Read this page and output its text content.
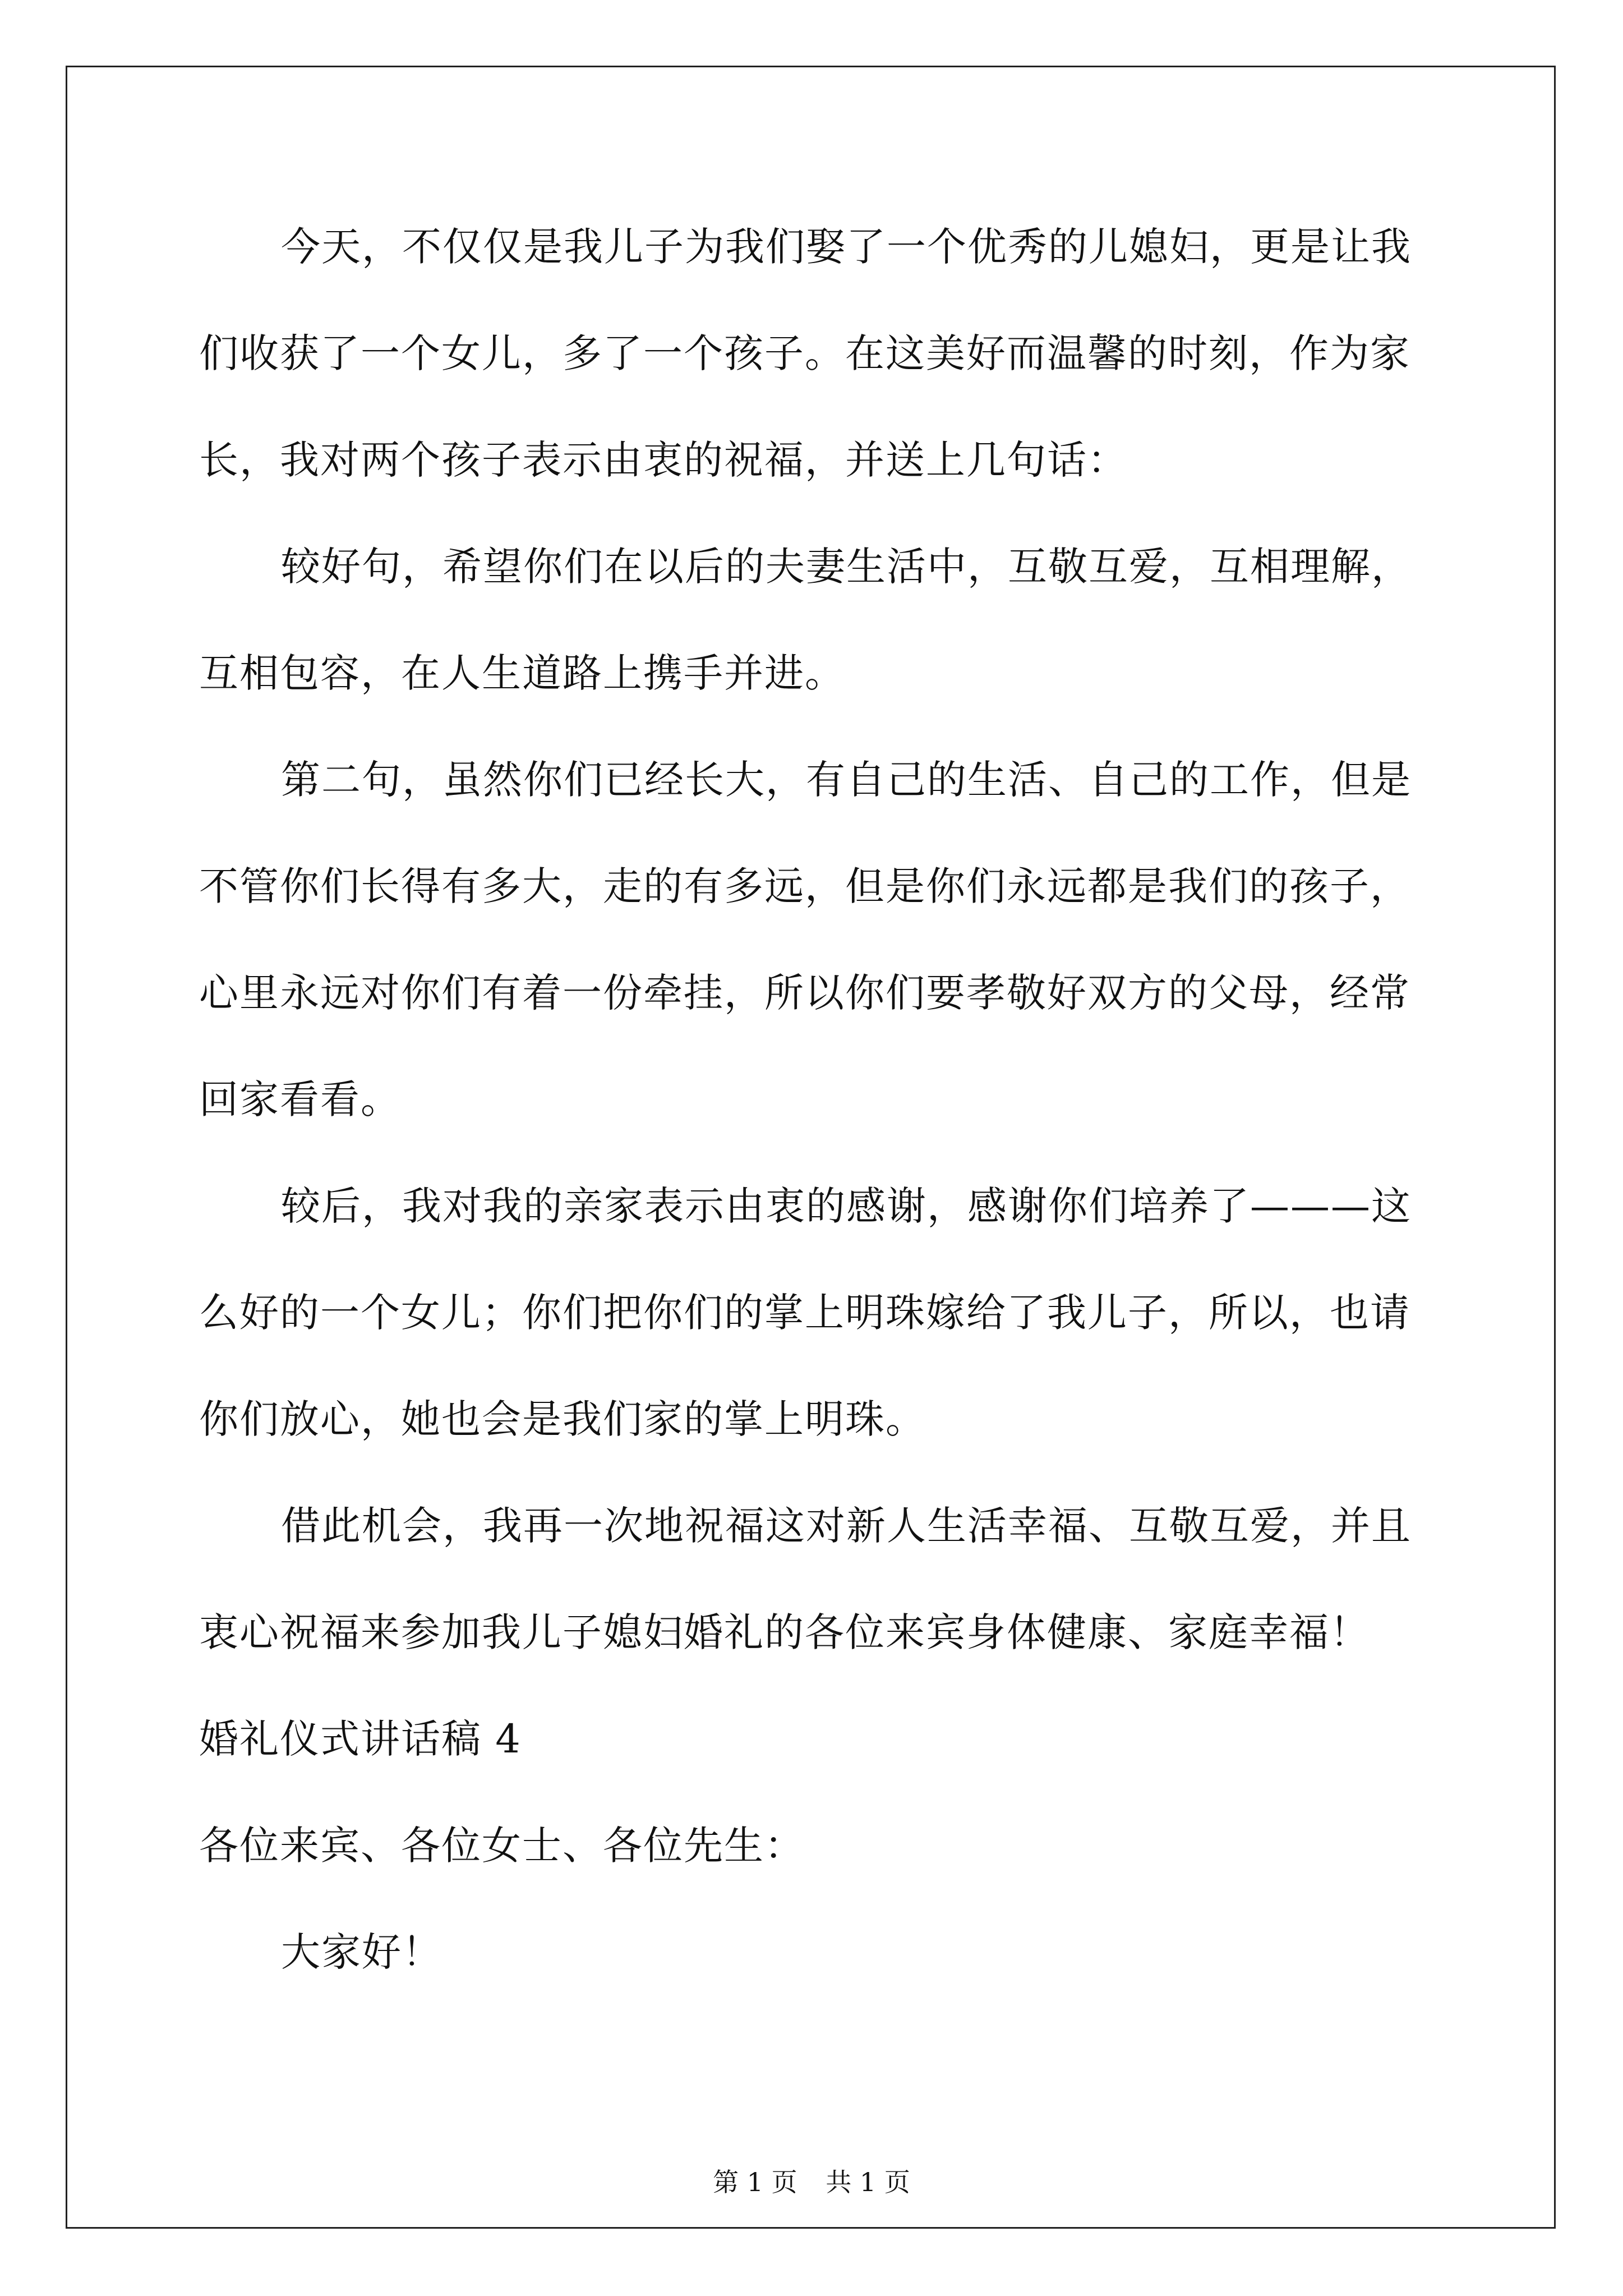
今天，不仅仅是我儿子为我们娶了一个优秀的儿媳妇，更是让我
们收获了一个女儿，多了一个孩子。在这美好而温馨的时刻，作为家
长，我对两个孩子表示由衷的祝福，并送上几句话：
较好句，希望你们在以后的夫妻生活中，互敬互爱，互相理解，
互相包容，在人生道路上携手并进。
第二句，虽然你们已经长大，有自己的生活、自己的工作，但是
不管你们长得有多大，走的有多远，但是你们永远都是我们的孩子，
心里永远对你们有着一份牵挂，所以你们要孝敬好双方的父母，经常
回家看看。
较后，我对我的亲家表示由衷的感谢，感谢你们培养了———这
么好的一个女儿；你们把你们的掌上明珠嫁给了我儿子，所以，也请
你们放心，她也会是我们家的掌上明珠。
借此机会，我再一次地祝福这对新人生活幸福、互敬互爱，并且
衷心祝福来参加我儿子媳妇婚礼的各位来宾身体健康、家庭幸福！
婚礼仪式讲话稿 4
各位来宾、各位女士、各位先生：
大家好！
第 1 页 共 1 页
